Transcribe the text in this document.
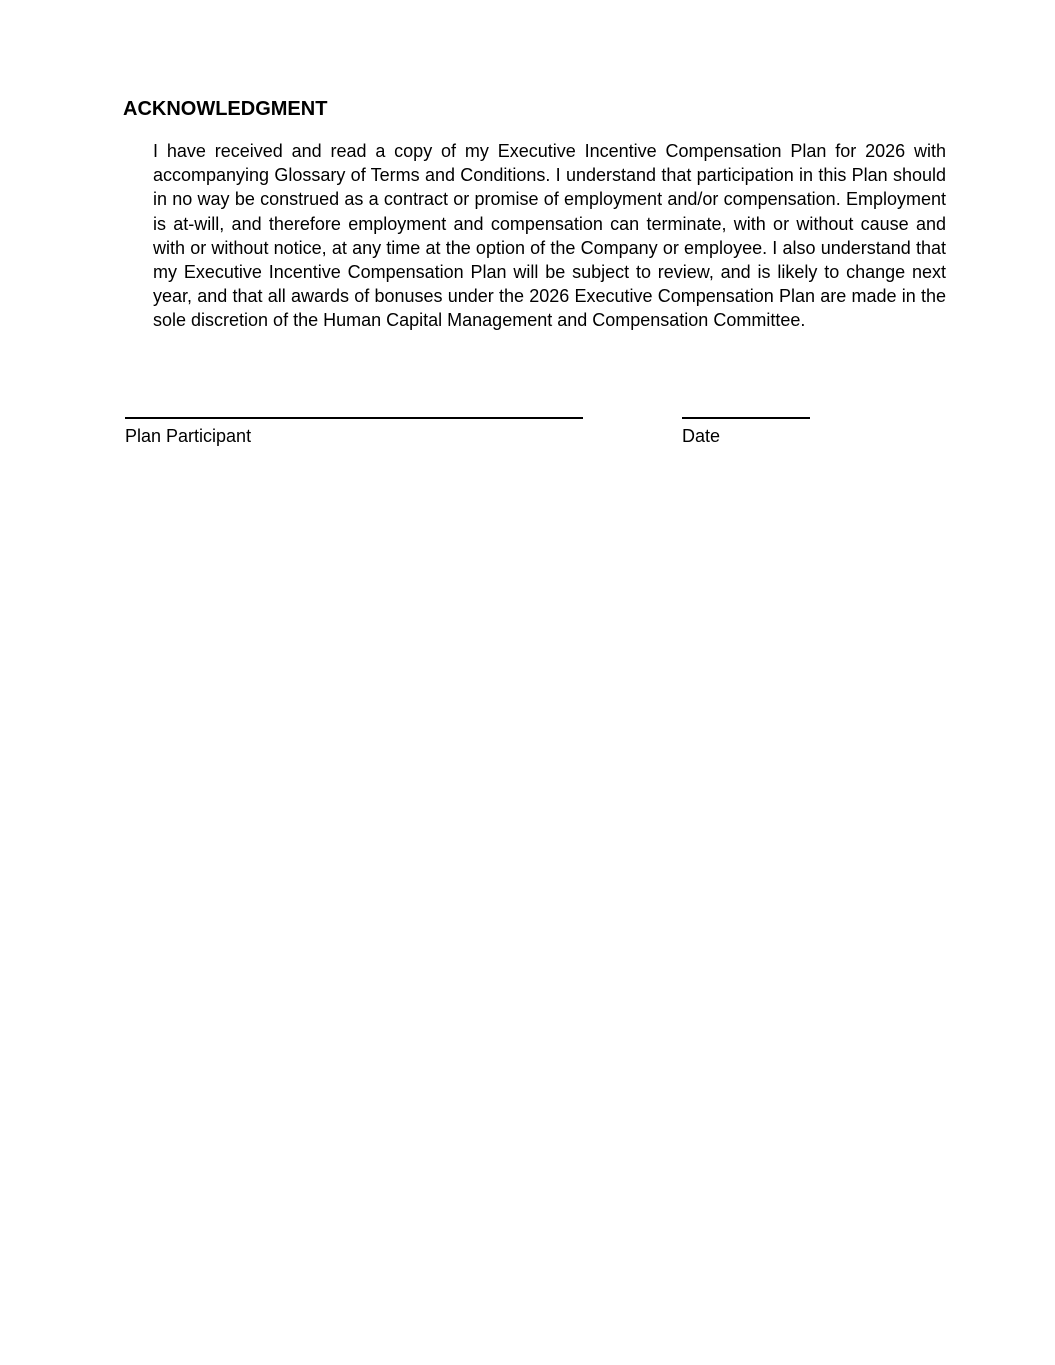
ACKNOWLEDGMENT

I have received and read a copy of my Executive Incentive Compensation Plan for 2026 with accompanying Glossary of Terms and Conditions. I understand that participation in this Plan should in no way be construed as a contract or promise of employment and/or compensation. Employment is at-will, and therefore employment and compensation can terminate, with or without cause and with or without notice, at any time at the option of the Company or employee. I also understand that my Executive Incentive Compensation Plan will be subject to review, and is likely to change next year, and that all awards of bonuses under the 2026 Executive Compensation Plan are made in the sole discretion of the Human Capital Management and Compensation Committee.

Plan Participant	Date
